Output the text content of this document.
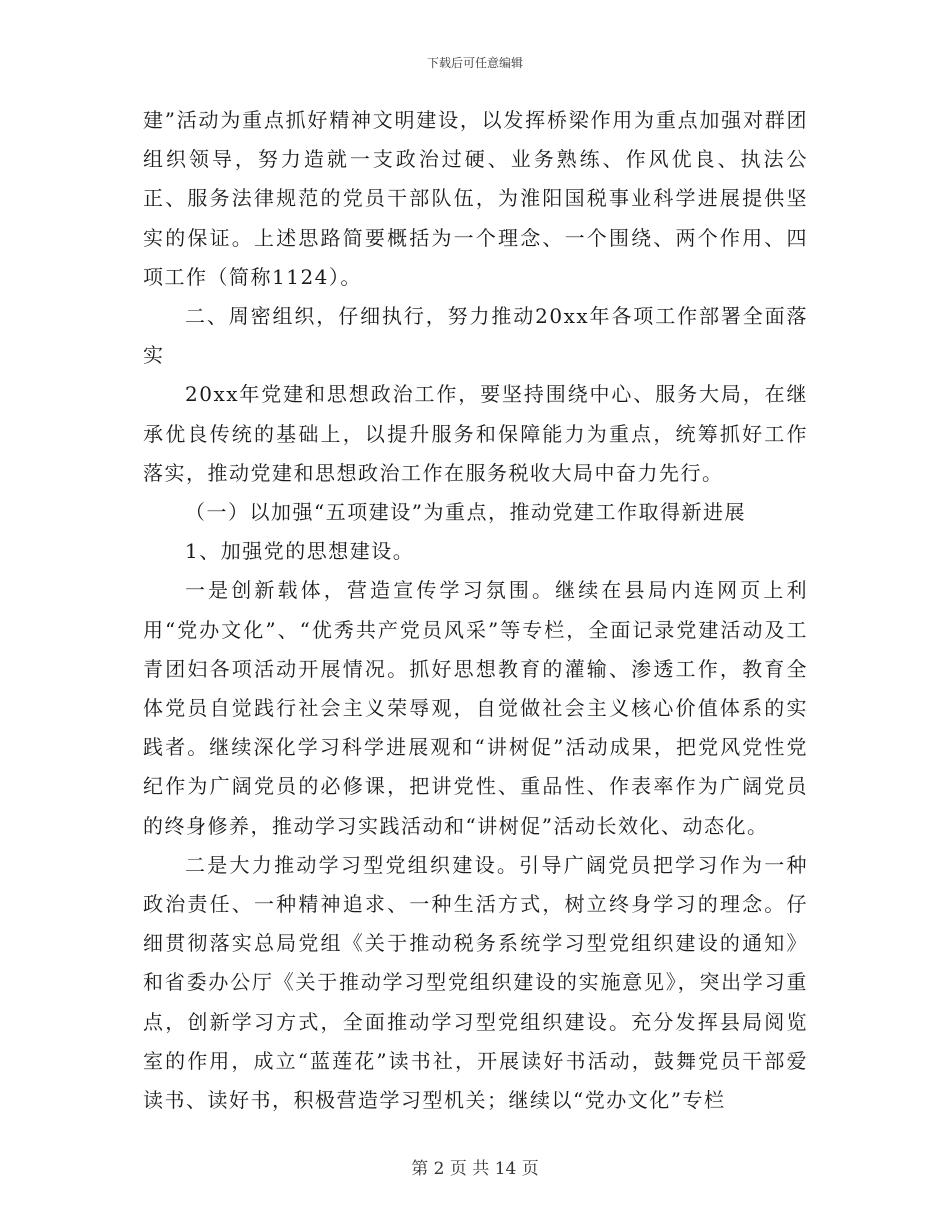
下载后可任意编辑

建”活动为重点抓好精神文明建设，以发挥桥梁作用为重点加强对群团组织领导，努力造就一支政治过硬、业务熟练、作风优良、执法公正、服务法律规范的党员干部队伍，为淮阳国税事业科学进展提供坚实的保证。上述思路简要概括为一个理念、一个围绕、两个作用、四项工作（简称1124）。

二、周密组织，仔细执行，努力推动20xx年各项工作部署全面落实

20xx年党建和思想政治工作，要坚持围绕中心、服务大局，在继承优良传统的基础上，以提升服务和保障能力为重点，统筹抓好工作落实，推动党建和思想政治工作在服务税收大局中奋力先行。

（一）以加强“五项建设”为重点，推动党建工作取得新进展

1、加强党的思想建设。

一是创新载体，营造宣传学习氛围。继续在县局内连网页上利用“党办文化”、“优秀共产党员风采”等专栏，全面记录党建活动及工青团妇各项活动开展情况。抓好思想教育的灌输、渗透工作，教育全体党员自觉践行社会主义荣辱观，自觉做社会主义核心价值体系的实践者。继续深化学习科学进展观和“讲树促”活动成果，把党风党性党纪作为广阔党员的必修课，把讲党性、重品性、作表率作为广阔党员的终身修养，推动学习实践活动和“讲树促”活动长效化、动态化。

二是大力推动学习型党组织建设。引导广阔党员把学习作为一种政治责任、一种精神追求、一种生活方式，树立终身学习的理念。仔细贯彻落实总局党组《关于推动税务系统学习型党组织建设的通知》和省委办公厅《关于推动学习型党组织建设的实施意见》，突出学习重点，创新学习方式，全面推动学习型党组织建设。充分发挥县局阅览室的作用，成立“蓝莲花”读书社，开展读好书活动，鼓舞党员干部爱读书、读好书，积极营造学习型机关；继续以“党办文化”专栏

第 2 页 共 14 页
